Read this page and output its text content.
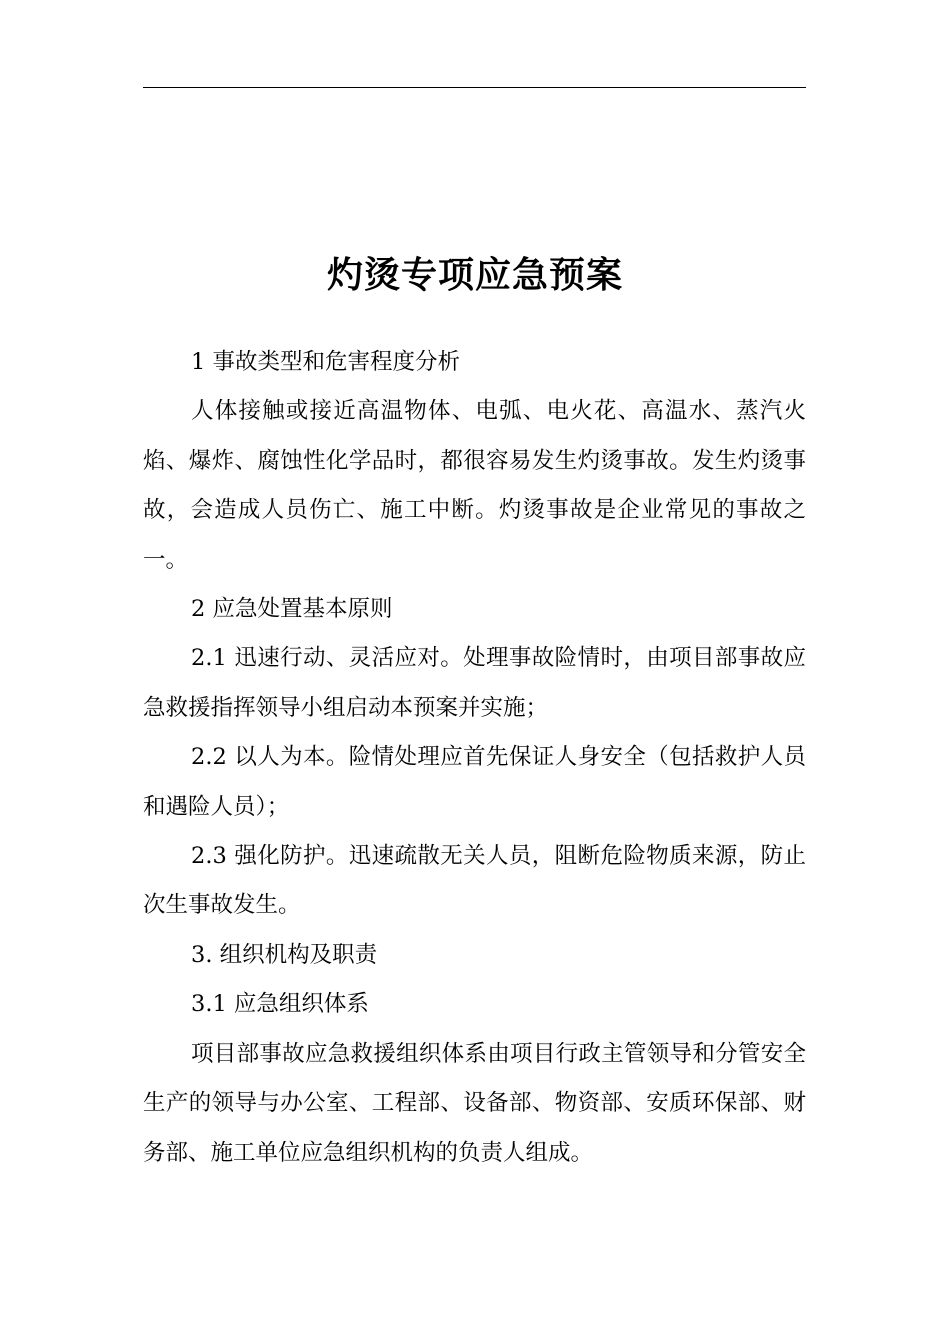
灼烫专项应急预案

1 事故类型和危害程度分析

人体接触或接近高温物体、电弧、电火花、高温水、蒸汽火焰、爆炸、腐蚀性化学品时，都很容易发生灼烫事故。发生灼烫事故，会造成人员伤亡、施工中断。灼烫事故是企业常见的事故之一。

2 应急处置基本原则

2.1 迅速行动、灵活应对。处理事故险情时，由项目部事故应急救援指挥领导小组启动本预案并实施；

2.2 以人为本。险情处理应首先保证人身安全（包括救护人员和遇险人员）；

2.3 强化防护。迅速疏散无关人员，阻断危险物质来源，防止次生事故发生。

3. 组织机构及职责

3.1 应急组织体系

项目部事故应急救援组织体系由项目行政主管领导和分管安全生产的领导与办公室、工程部、设备部、物资部、安质环保部、财务部、施工单位应急组织机构的负责人组成。
